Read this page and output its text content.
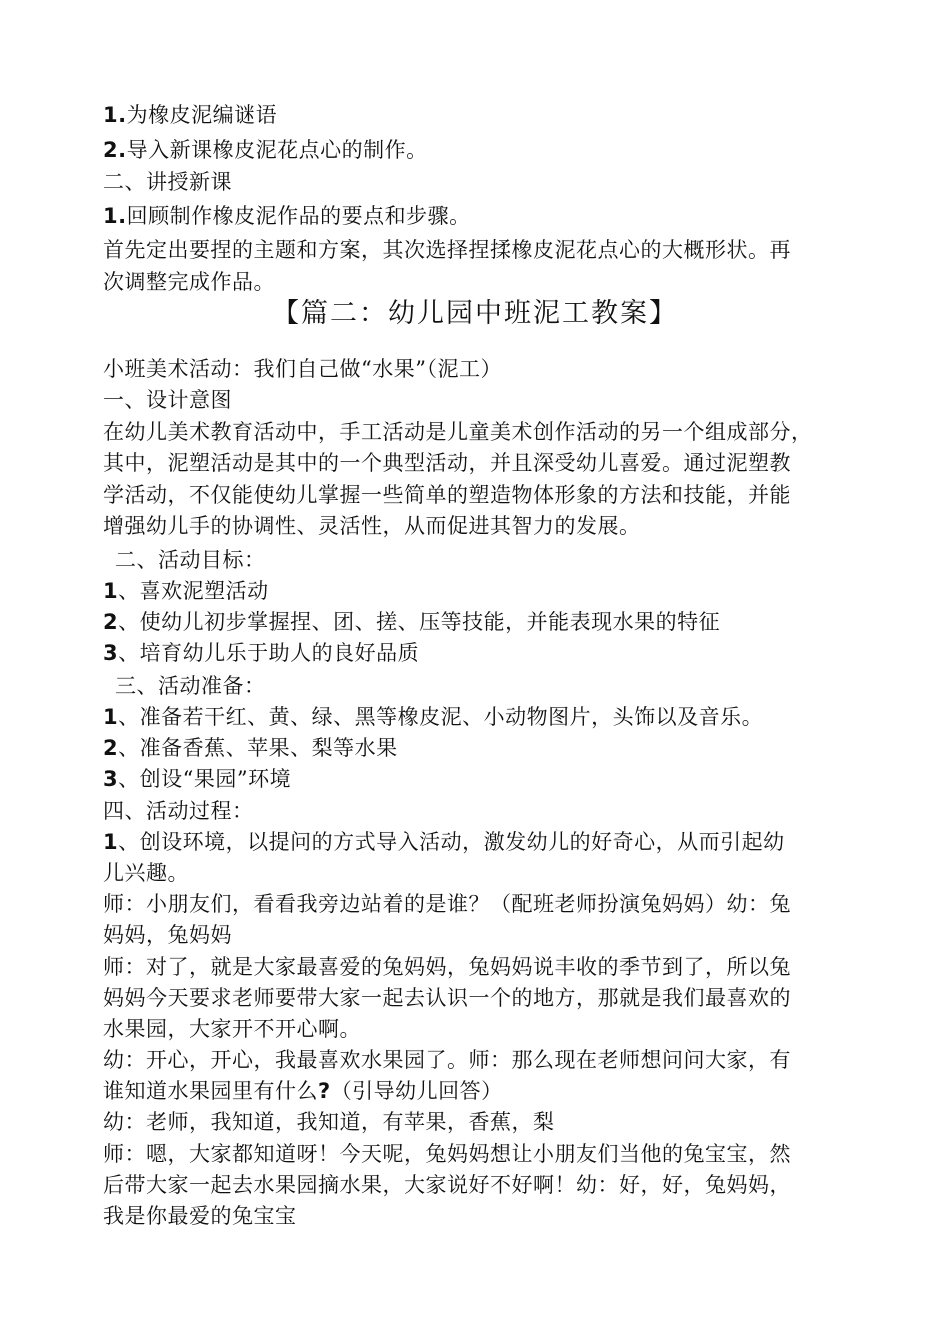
1.为橡皮泥编谜语
2.导入新课橡皮泥花点心的制作。
二、讲授新课
1.回顾制作橡皮泥作品的要点和步骤。
首先定出要捏的主题和方案，其次选择捏揉橡皮泥花点心的大概形状。再
次调整完成作品。
【篇二：幼儿园中班泥工教案】
小班美术活动：我们自己做“水果”（泥工）
一、设计意图
在幼儿美术教育活动中，手工活动是儿童美术创作活动的另一个组成部分，
其中，泥塑活动是其中的一个典型活动，并且深受幼儿喜爱。通过泥塑教
学活动，不仅能使幼儿掌握一些简单的塑造物体形象的方法和技能，并能
增强幼儿手的协调性、灵活性，从而促进其智力的发展。
二、活动目标：
1、喜欢泥塑活动
2、使幼儿初步掌握捏、团、搓、压等技能，并能表现水果的特征
3、培育幼儿乐于助人的良好品质
三、活动准备：
1、准备若干红、黄、绿、黑等橡皮泥、小动物图片，头饰以及音乐。
2、准备香蕉、苹果、梨等水果
3、创设“果园”环境
四、活动过程：
1、创设环境，以提问的方式导入活动，激发幼儿的好奇心，从而引起幼
儿兴趣。
师：小朋友们，看看我旁边站着的是谁？（配班老师扮演兔妈妈）幼：兔
妈妈，兔妈妈
师：对了，就是大家最喜爱的兔妈妈，兔妈妈说丰收的季节到了，所以兔
妈妈今天要求老师要带大家一起去认识一个的地方，那就是我们最喜欢的
水果园，大家开不开心啊。
幼：开心，开心，我最喜欢水果园了。师：那么现在老师想问问大家，有
谁知道水果园里有什么?（引导幼儿回答）
幼：老师，我知道，我知道，有苹果，香蕉，梨
师：嗯，大家都知道呀！今天呢，兔妈妈想让小朋友们当他的兔宝宝，然
后带大家一起去水果园摘水果，大家说好不好啊！幼：好，好，兔妈妈，
我是你最爱的兔宝宝
